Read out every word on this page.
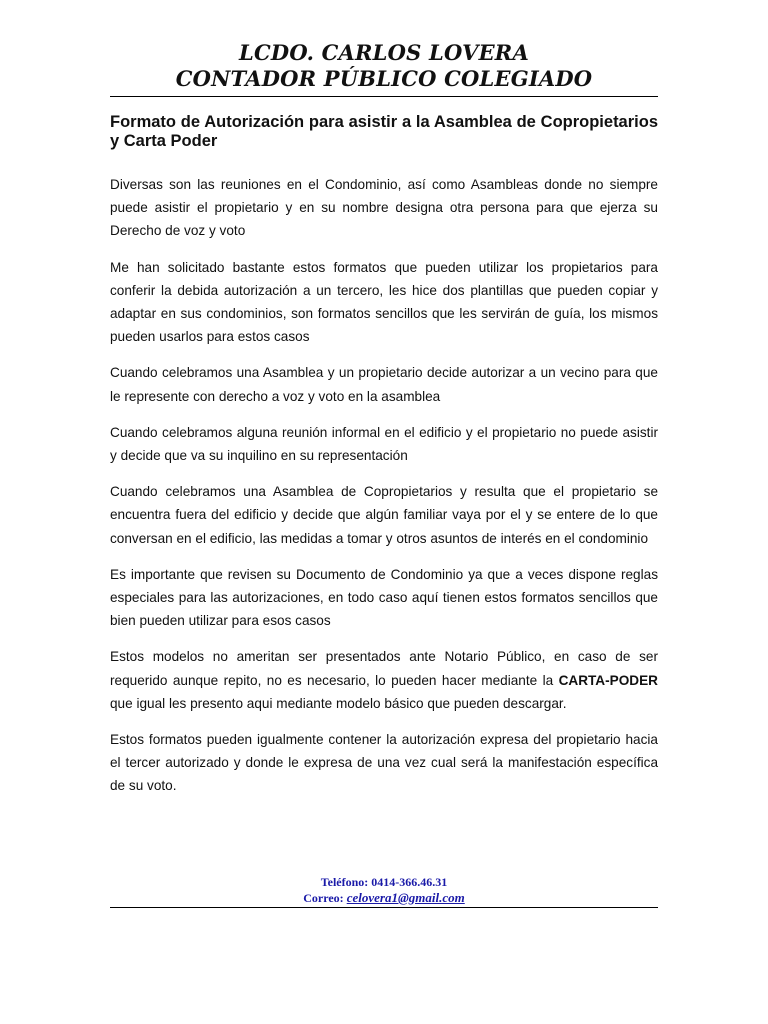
LCDO. CARLOS LOVERA
CONTADOR PÚBLICO COLEGIADO
Formato de Autorización para asistir a la Asamblea de Copropietarios y Carta Poder

Diversas son las reuniones en el Condominio, así como Asambleas donde no siempre puede asistir el propietario y en su nombre designa otra persona para que ejerza su Derecho de voz y voto

Me han solicitado bastante estos formatos que pueden utilizar los propietarios para conferir la debida autorización a un tercero, les hice dos plantillas que pueden copiar y adaptar en sus condominios, son formatos sencillos que les servirán de guía, los mismos pueden usarlos para estos casos

Cuando celebramos una Asamblea y un propietario decide autorizar a un vecino para que le represente con derecho a voz y voto en la asamblea

Cuando celebramos alguna reunión informal en el edificio y el propietario no puede asistir y decide que va su inquilino en su representación

Cuando celebramos una Asamblea de Copropietarios y resulta que el propietario se encuentra fuera del edificio y decide que algún familiar vaya por el y se entere de lo que conversan en el edificio, las medidas a tomar y otros asuntos de interés en el condominio

Es importante que revisen su Documento de Condominio ya que a veces dispone reglas especiales para las autorizaciones, en todo caso aquí tienen estos formatos sencillos que bien pueden utilizar para esos casos

Estos modelos no ameritan ser presentados ante Notario Público, en caso de ser requerido aunque repito, no es necesario, lo pueden hacer mediante la CARTA-PODER que igual les presento aqui mediante modelo básico que pueden descargar.

Estos formatos pueden igualmente contener la autorización expresa del propietario hacia el tercer autorizado y donde le expresa de una vez cual será la manifestación específica de su voto.

Teléfono: 0414-366.46.31
Correo: celovera1@gmail.com
